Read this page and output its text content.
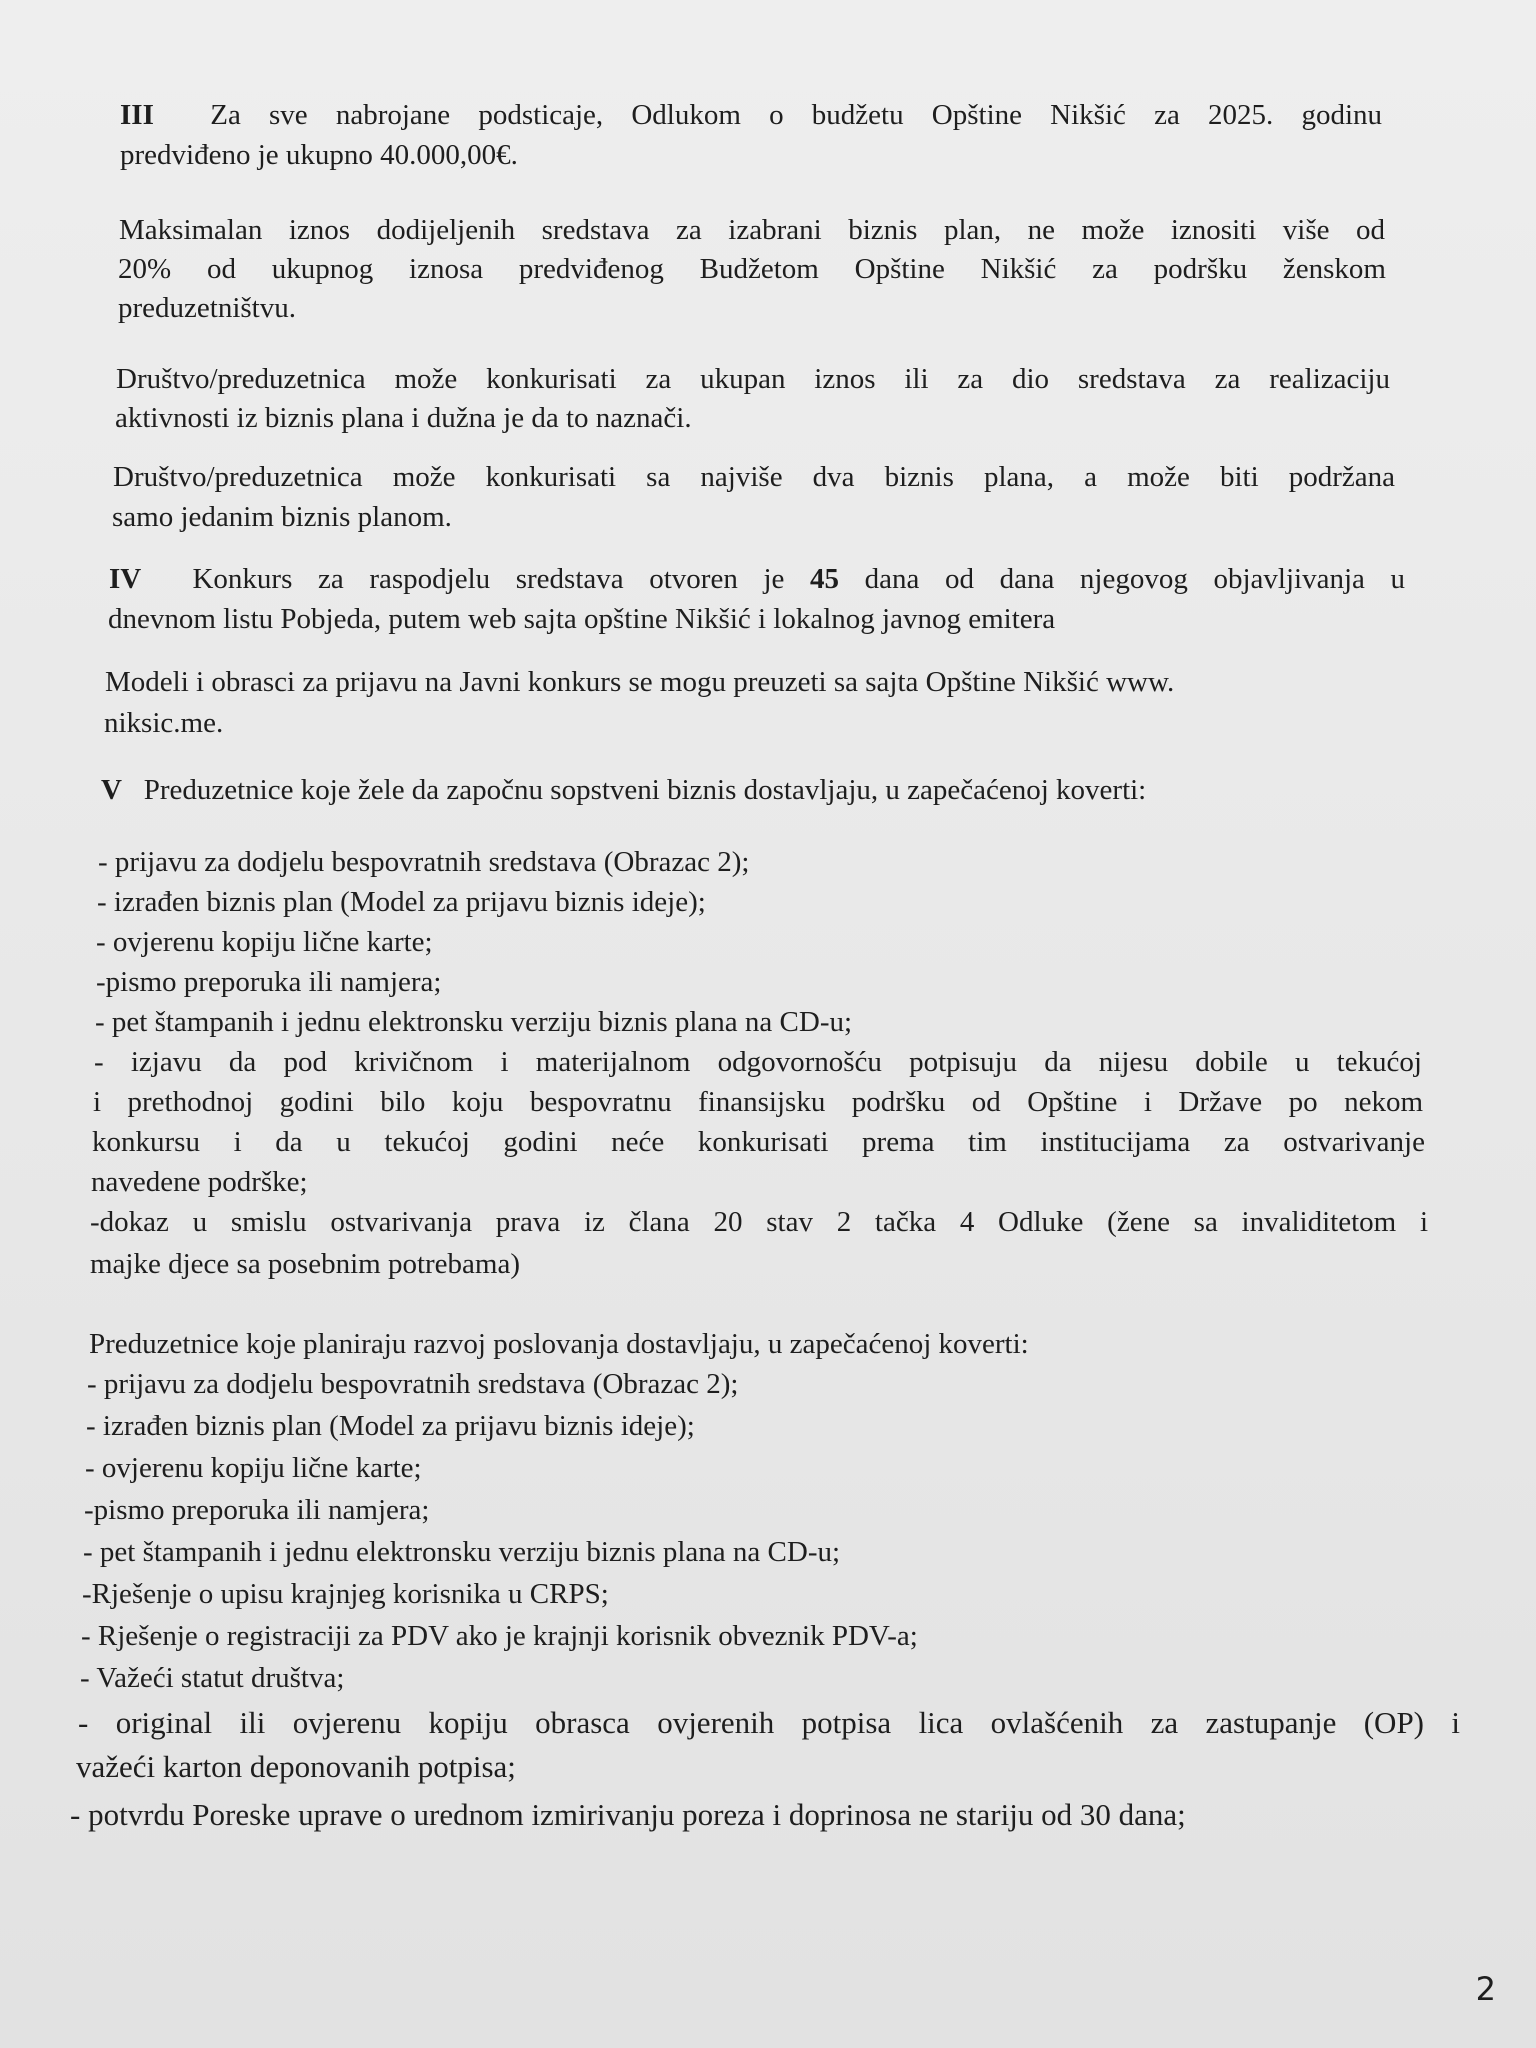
III Za sve nabrojane podsticaje, Odlukom o budžetu Opštine Nikšić za 2025. godinu
predviđeno je ukupno 40.000,00€.
Maksimalan iznos dodijeljenih sredstava za izabrani biznis plan, ne može iznositi više od
20% od ukupnog iznosa predviđenog Budžetom Opštine Nikšić za podršku ženskom
preduzetništvu.
Društvo/preduzetnica može konkurisati za ukupan iznos ili za dio sredstava za realizaciju
aktivnosti iz biznis plana i dužna je da to naznači.
Društvo/preduzetnica može konkurisati sa najviše dva biznis plana, a može biti podržana
samo jedanim biznis planom.
IV Konkurs za raspodjelu sredstava otvoren je 45 dana od dana njegovog objavljivanja u
dnevnom listu Pobjeda, putem web sajta opštine Nikšić i lokalnog javnog emitera
Modeli i obrasci za prijavu na Javni konkurs se mogu preuzeti sa sajta Opštine Nikšić www.
niksic.me.
V Preduzetnice koje žele da započnu sopstveni biznis dostavljaju, u zapečaćenoj koverti:
- prijavu za dodjelu bespovratnih sredstava (Obrazac 2);
- izrađen biznis plan (Model za prijavu biznis ideje);
- ovjerenu kopiju lične karte;
-pismo preporuka ili namjera;
- pet štampanih i jednu elektronsku verziju biznis plana na CD-u;
- izjavu da pod krivičnom i materijalnom odgovornošću potpisuju da nijesu dobile u tekućoj
i prethodnoj godini bilo koju bespovratnu finansijsku podršku od Opštine i Države po nekom
konkursu i da u tekućoj godini neće konkurisati prema tim institucijama za ostvarivanje
navedene podrške;
-dokaz u smislu ostvarivanja prava iz člana 20 stav 2 tačka 4 Odluke (žene sa invaliditetom i
majke djece sa posebnim potrebama)
Preduzetnice koje planiraju razvoj poslovanja dostavljaju, u zapečaćenoj koverti:
- prijavu za dodjelu bespovratnih sredstava (Obrazac 2);
- izrađen biznis plan (Model za prijavu biznis ideje);
- ovjerenu kopiju lične karte;
-pismo preporuka ili namjera;
- pet štampanih i jednu elektronsku verziju biznis plana na CD-u;
-Rješenje o upisu krajnjeg korisnika u CRPS;
- Rješenje o registraciji za PDV ako je krajnji korisnik obveznik PDV-a;
- Važeći statut društva;
- original ili ovjerenu kopiju obrasca ovjerenih potpisa lica ovlašćenih za zastupanje (OP) i
važeći karton deponovanih potpisa;
- potvrdu Poreske uprave o urednom izmirivanju poreza i doprinosa ne stariju od 30 dana;
2
